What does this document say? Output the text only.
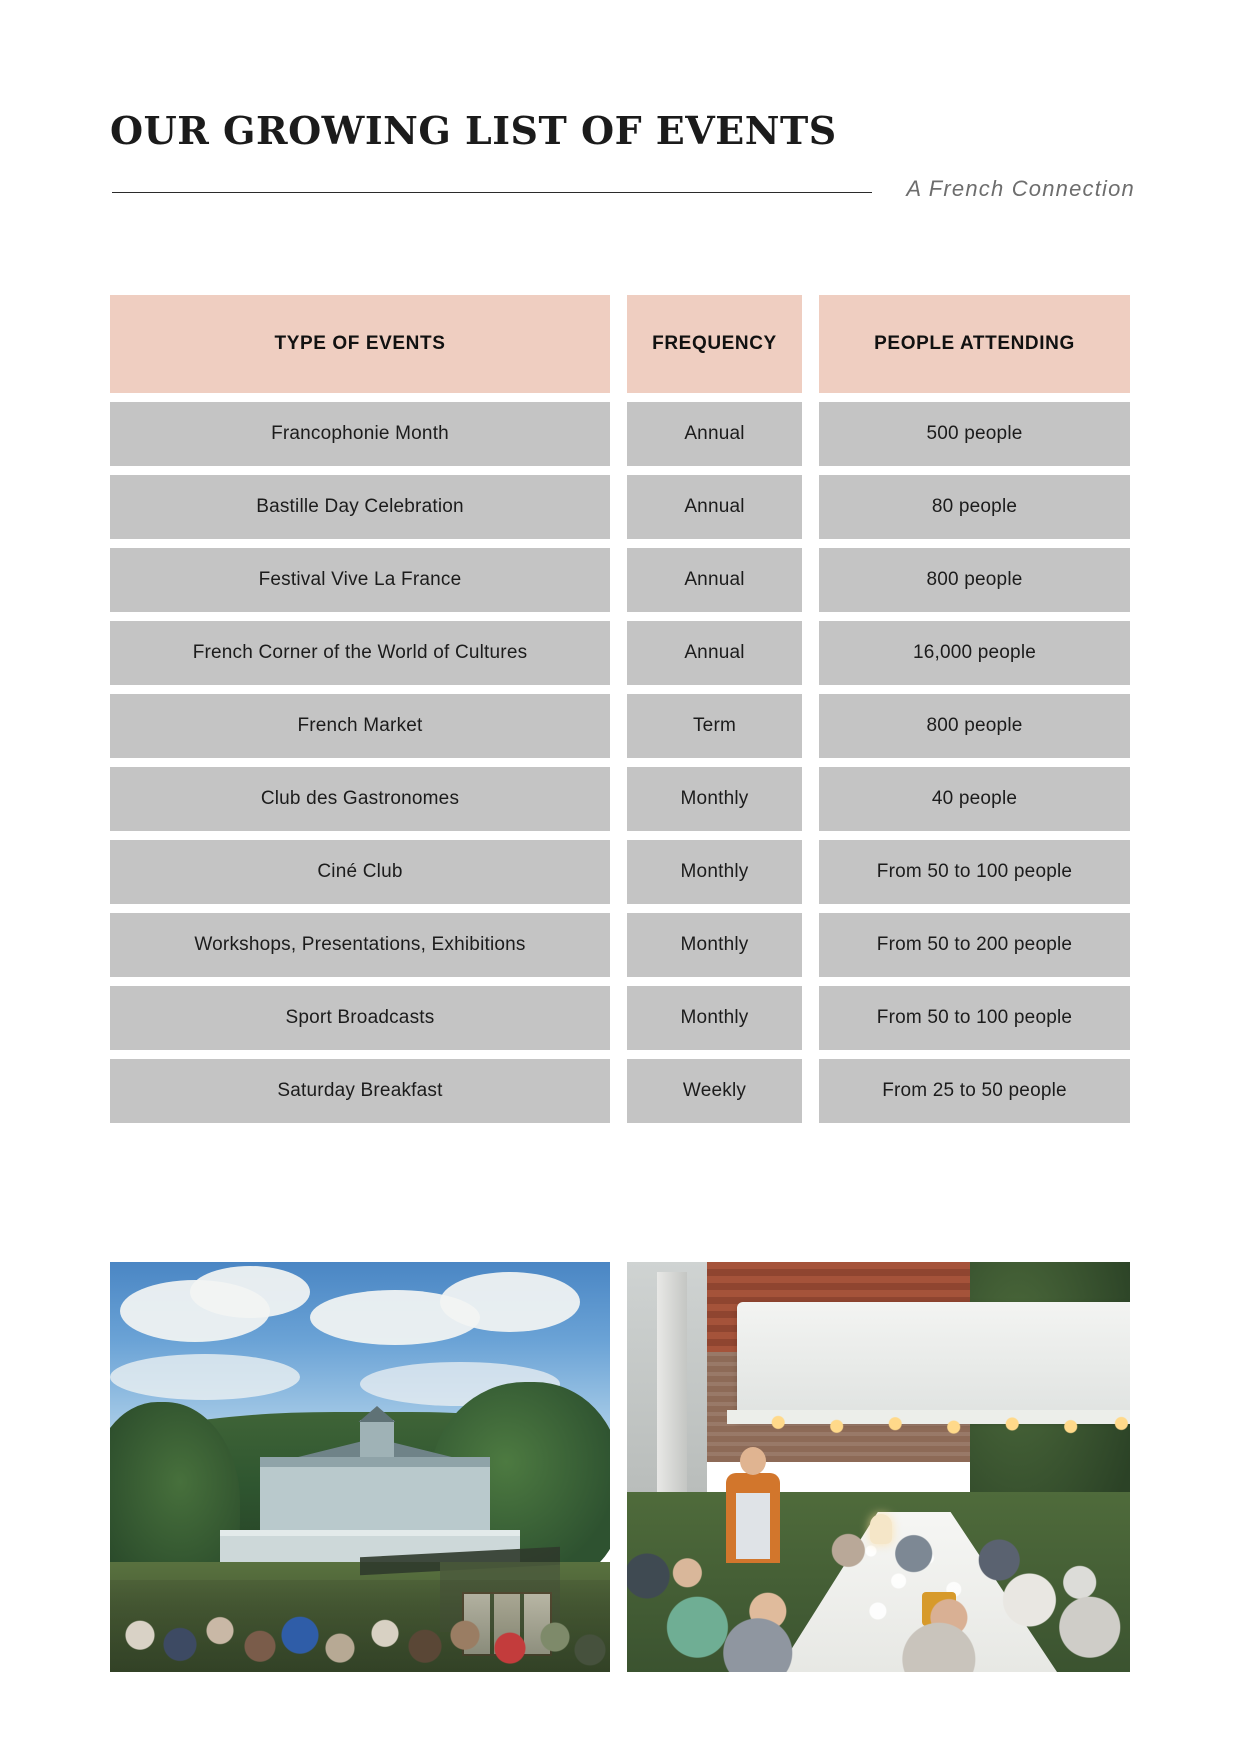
OUR GROWING LIST OF EVENTS
A French Connection
TYPE OF EVENTS	FREQUENCY	PEOPLE ATTENDING
Francophonie Month	Annual	500 people
Bastille Day Celebration	Annual	80 people
Festival Vive La France	Annual	800 people
French Corner of the World of Cultures	Annual	16,000 people
French Market	Term	800 people
Club des Gastronomes	Monthly	40 people
Ciné Club	Monthly	From 50 to 100 people
Workshops, Presentations, Exhibitions	Monthly	From 50 to 200 people
Sport Broadcasts	Monthly	From 50 to 100 people
Saturday Breakfast	Weekly	From 25 to 50 people
